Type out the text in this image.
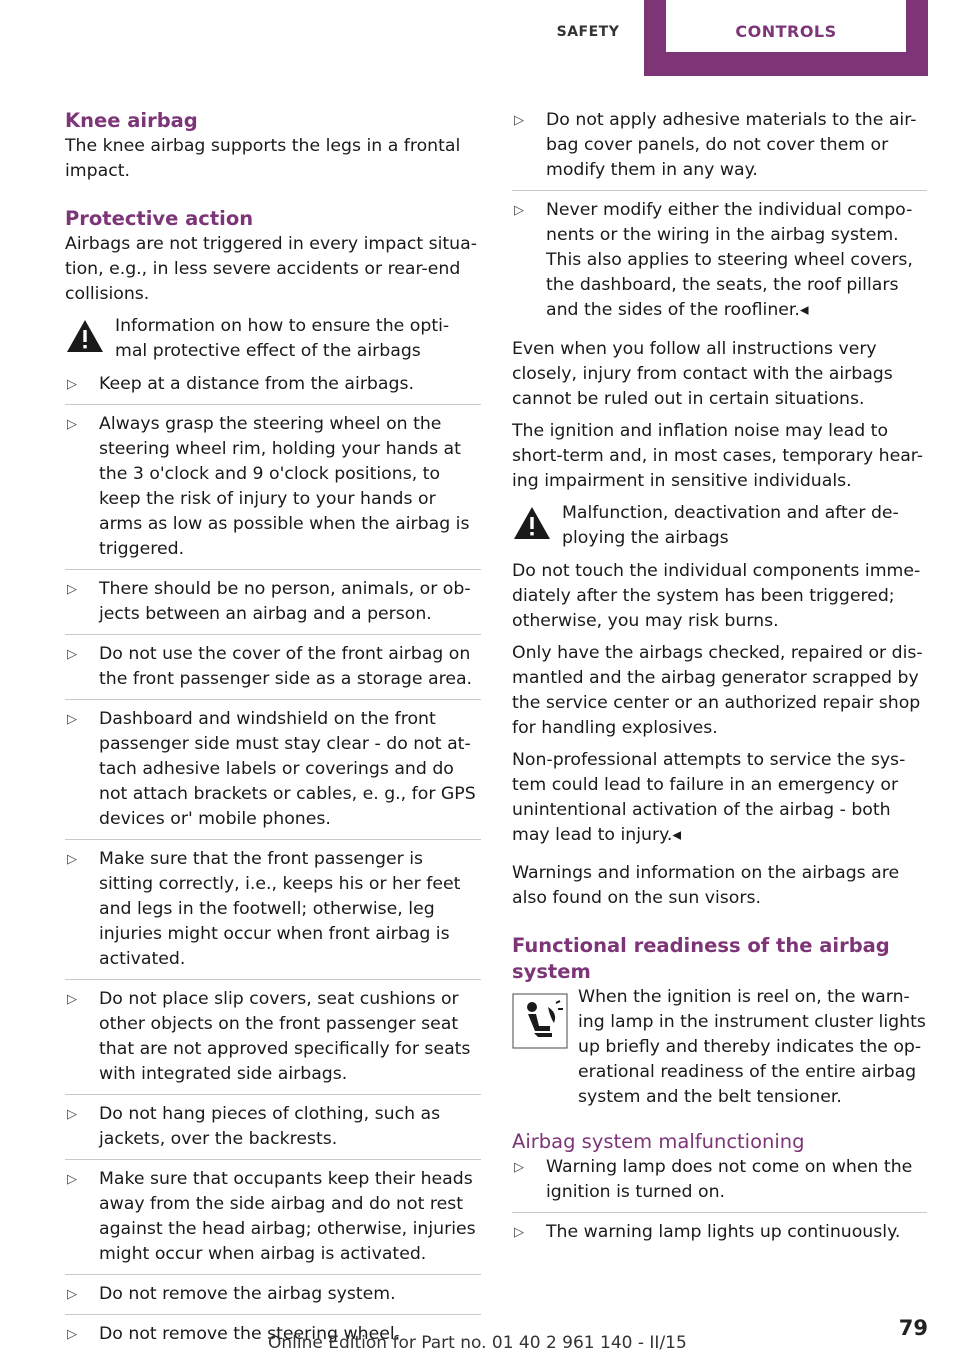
SAFETY	CONTROLS
Knee airbag

The knee airbag supports the legs in a frontal impact.

Protective action

Airbags are not triggered in every impact situa-tion, e.g., in less severe accidents or rear-end collisions.

Information on how to ensure the opti-mal protective effect of the airbags
▷	Keep at a distance from the airbags.
▷	Always grasp the steering wheel on the steering wheel rim, holding your hands at the 3 o'clock and 9 o'clock positions, to keep the risk of injury to your hands or arms as low as possible when the airbag is triggered.
▷	There should be no person, animals, or ob-jects between an airbag and a person.
▷	Do not use the cover of the front airbag on the front passenger side as a storage area.
▷	Dashboard and windshield on the front passenger side must stay clear - do not at-tach adhesive labels or coverings and do not attach brackets or cables, e. g., for GPS devices or' mobile phones.
▷	Make sure that the front passenger is sitting correctly, i.e., keeps his or her feet and legs in the footwell; otherwise, leg injuries might occur when front airbag is activated.
▷	Do not place slip covers, seat cushions or other objects on the front passenger seat that are not approved specifically for seats with integrated side airbags.
▷	Do not hang pieces of clothing, such as jackets, over the backrests.
▷	Make sure that occupants keep their heads away from the side airbag and do not rest against the head airbag; otherwise, injuries might occur when airbag is activated.
▷	Do not remove the airbag system.
▷	Do not remove the steering wheel.
▷	Do not apply adhesive materials to the air-bag cover panels, do not cover them or modify them in any way.
▷	Never modify either the individual compo-nents or the wiring in the airbag system. This also applies to steering wheel covers, the dashboard, the seats, the roof pillars and the sides of the roofliner.◂

Even when you follow all instructions very closely, injury from contact with the airbags cannot be ruled out in certain situations.

The ignition and inflation noise may lead to short-term and, in most cases, temporary hear-ing impairment in sensitive individuals.

Malfunction, deactivation and after de-ploying the airbags

Do not touch the individual components imme-diately after the system has been triggered; otherwise, you may risk burns.

Only have the airbags checked, repaired or dis-mantled and the airbag generator scrapped by the service center or an authorized repair shop for handling explosives.

Non-professional attempts to service the sys-tem could lead to failure in an emergency or unintentional activation of the airbag - both may lead to injury.◂

Warnings and information on the airbags are also found on the sun visors.

Functional readiness of the airbag system
When the ignition is reel on, the warn-ing lamp in the instrument cluster lights up briefly and thereby indicates the op-erational readiness of the entire airbag system and the belt tensioner.
Airbag system malfunctioning
▷	Warning lamp does not come on when the ignition is turned on.
▷	The warning lamp lights up continuously.
79
Online Edition for Part no. 01 40 2 961 140 - II/15
